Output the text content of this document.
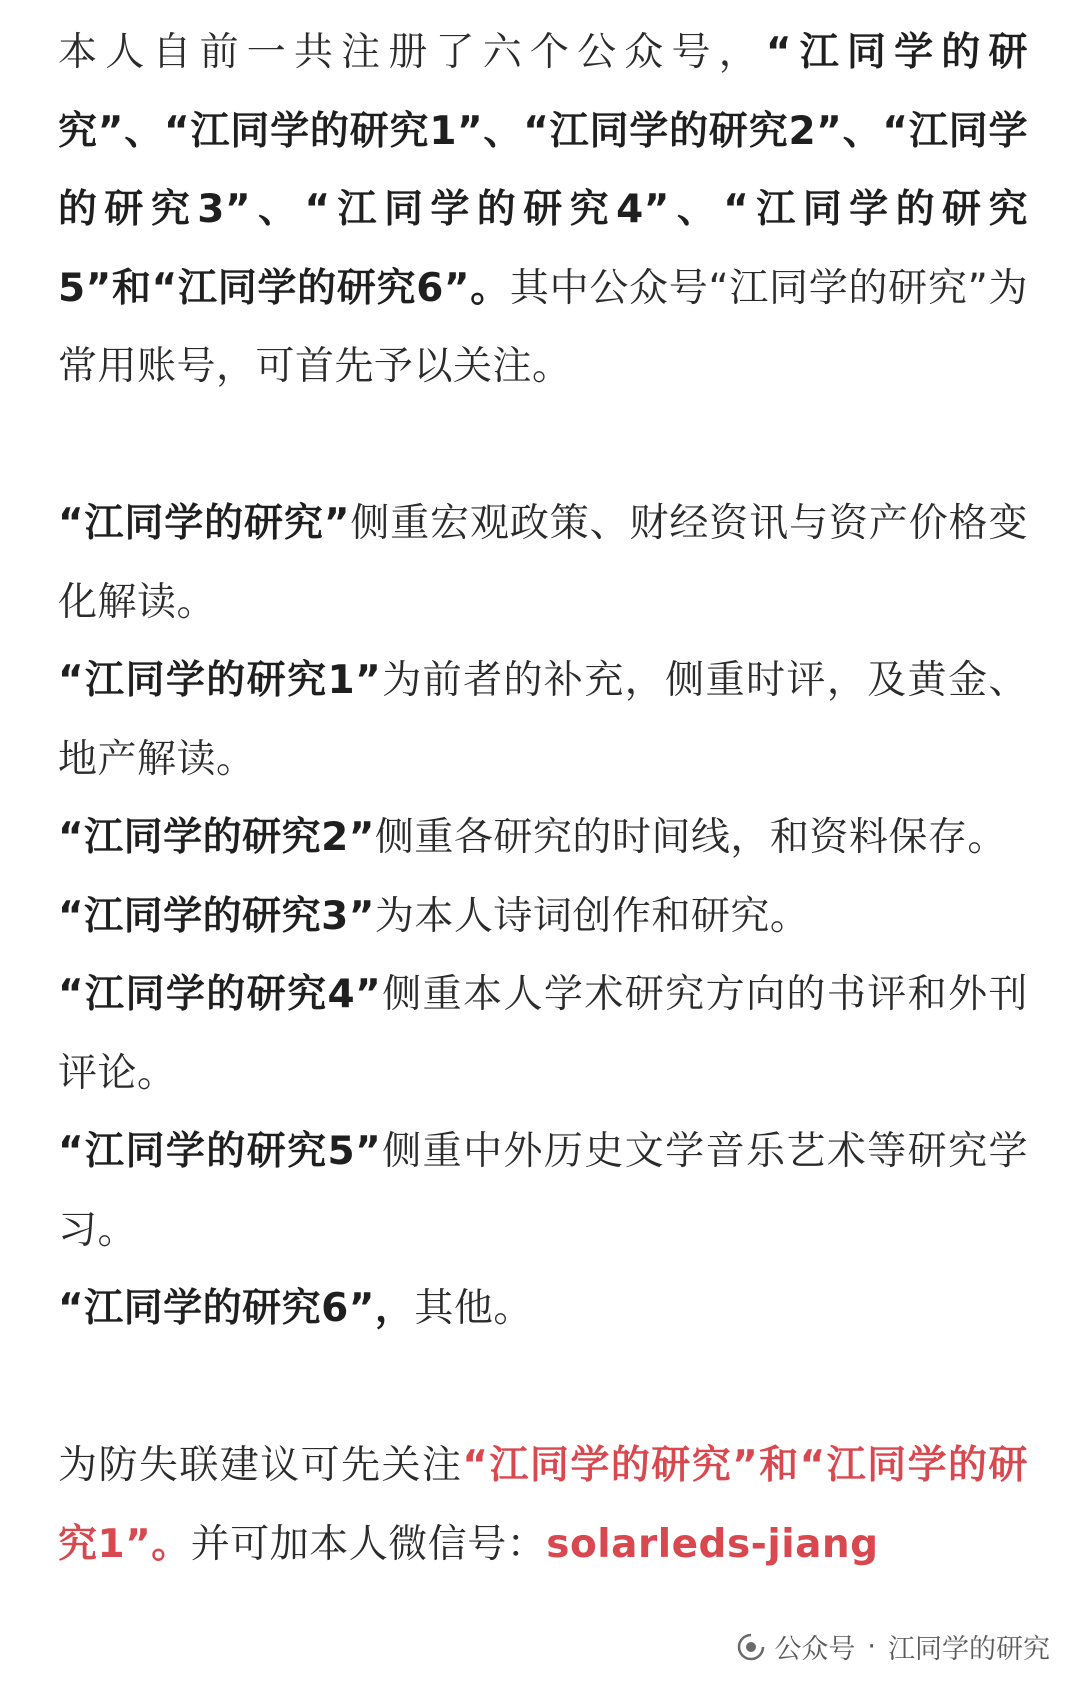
本人自前一共注册了六个公众号，“江同学的研究”、“江同学的研究1”、“江同学的研究2”、“江同学的研究3”、“江同学的研究4”、“江同学的研究5”和“江同学的研究6”。其中公众号“江同学的研究”为常用账号，可首先予以关注。

“江同学的研究”侧重宏观政策、财经资讯与资产价格变化解读。

“江同学的研究1”为前者的补充，侧重时评，及黄金、地产解读。

“江同学的研究2”侧重各研究的时间线，和资料保存。

“江同学的研究3”为本人诗词创作和研究。

“江同学的研究4”侧重本人学术研究方向的书评和外刊评论。

“江同学的研究5”侧重中外历史文学音乐艺术等研究学习。

“江同学的研究6”，其他。

为防失联建议可先关注“江同学的研究”和“江同学的研究1”。并可加本人微信号：solarleds-jiang

公众号 · 江同学的研究
